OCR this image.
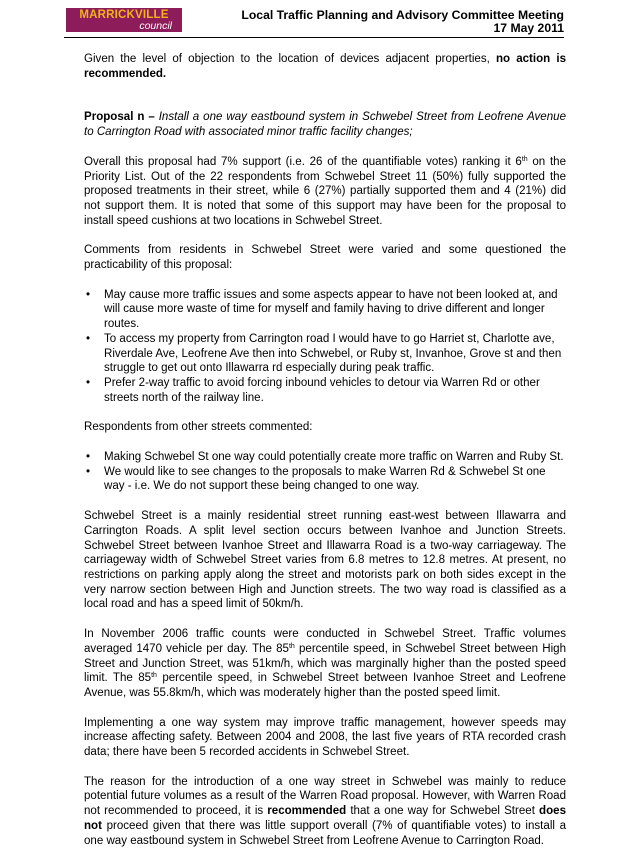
MARRICKVILLE
council
Local Traffic Planning and Advisory Committee Meeting
17 May 2011

Given the level of objection to the location of devices adjacent properties, no action is recommended.

Proposal n – Install a one way eastbound system in Schwebel Street from Leofrene Avenue to Carrington Road with associated minor traffic facility changes;

Overall this proposal had 7% support (i.e. 26 of the quantifiable votes) ranking it 6th on the Priority List. Out of the 22 respondents from Schwebel Street 11 (50%) fully supported the proposed treatments in their street, while 6 (27%) partially supported them and 4 (21%) did not support them. It is noted that some of this support may have been for the proposal to install speed cushions at two locations in Schwebel Street.

Comments from residents in Schwebel Street were varied and some questioned the practicability of this proposal:

• May cause more traffic issues and some aspects appear to have not been looked at, and will cause more waste of time for myself and family having to drive different and longer routes.
• To access my property from Carrington road I would have to go Harriet st, Charlotte ave, Riverdale Ave, Leofrene Ave then into Schwebel, or Ruby st, Invanhoe, Grove st and then struggle to get out onto Illawarra rd especially during peak traffic.
• Prefer 2-way traffic to avoid forcing inbound vehicles to detour via Warren Rd or other streets north of the railway line.

Respondents from other streets commented:

• Making Schwebel St one way could potentially create more traffic on Warren and Ruby St.
• We would like to see changes to the proposals to make Warren Rd & Schwebel St one way - i.e. We do not support these being changed to one way.

Schwebel Street is a mainly residential street running east-west between Illawarra and Carrington Roads. A split level section occurs between Ivanhoe and Junction Streets. Schwebel Street between Ivanhoe Street and Illawarra Road is a two-way carriageway. The carriageway width of Schwebel Street varies from 6.8 metres to 12.8 metres. At present, no restrictions on parking apply along the street and motorists park on both sides except in the very narrow section between High and Junction streets. The two way road is classified as a local road and has a speed limit of 50km/h.

In November 2006 traffic counts were conducted in Schwebel Street. Traffic volumes averaged 1470 vehicle per day. The 85th percentile speed, in Schwebel Street between High Street and Junction Street, was 51km/h, which was marginally higher than the posted speed limit. The 85th percentile speed, in Schwebel Street between Ivanhoe Street and Leofrene Avenue, was 55.8km/h, which was moderately higher than the posted speed limit.

Implementing a one way system may improve traffic management, however speeds may increase affecting safety. Between 2004 and 2008, the last five years of RTA recorded crash data; there have been 5 recorded accidents in Schwebel Street.

The reason for the introduction of a one way street in Schwebel was mainly to reduce potential future volumes as a result of the Warren Road proposal. However, with Warren Road not recommended to proceed, it is recommended that a one way for Schwebel Street does not proceed given that there was little support overall (7% of quantifiable votes) to install a one way eastbound system in Schwebel Street from Leofrene Avenue to Carrington Road.
